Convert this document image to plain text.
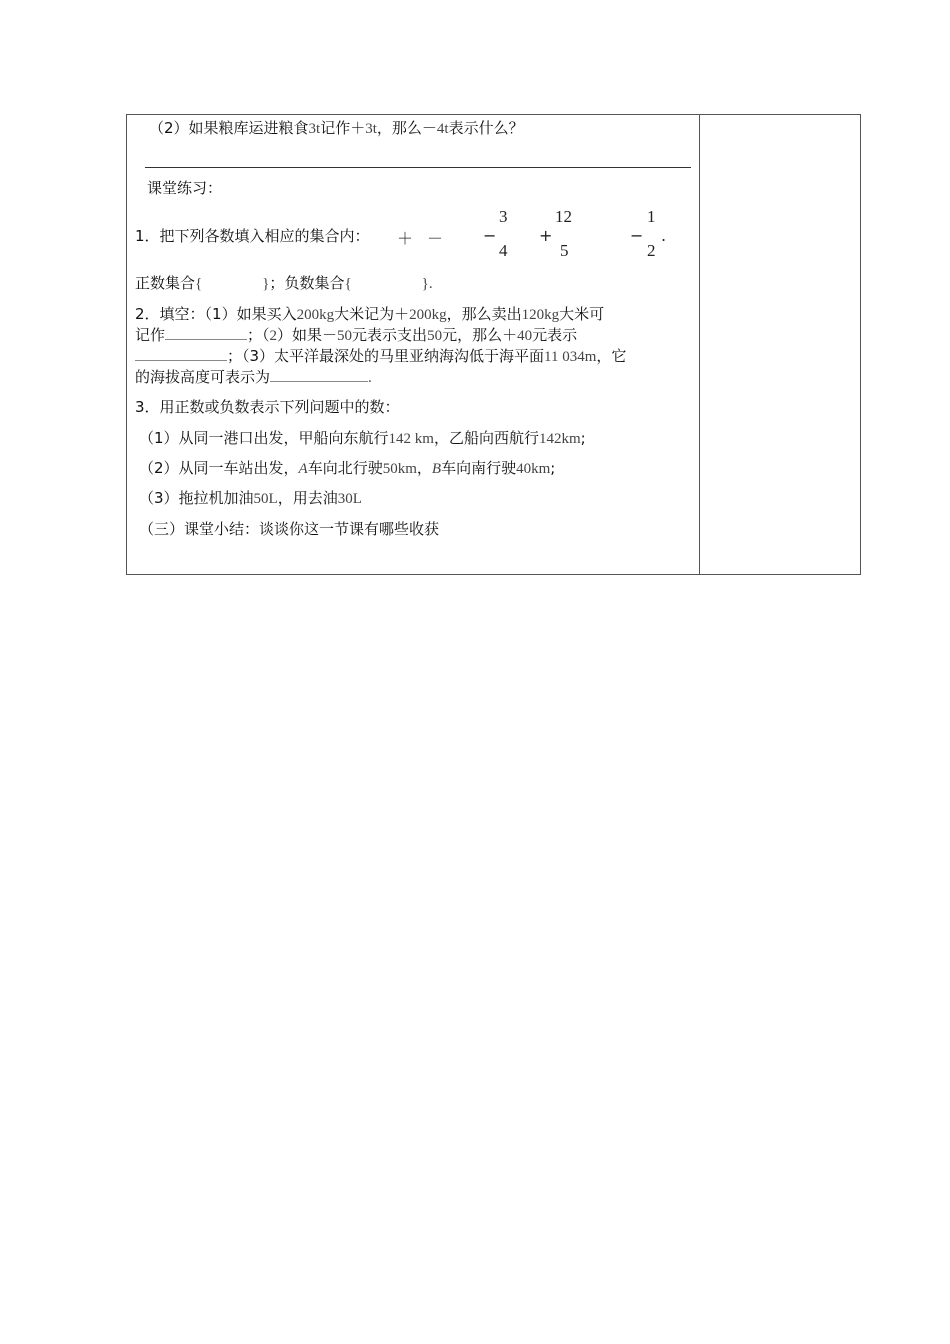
（2）如果粮库运进粮食3t记作＋3t，那么－4t表示什么？
课堂练习：
1．把下列各数填入相应的集合内： ＋ － −
3
4
+
12
5
−
1
2
.
正数集合{	}；负数集合{	}.
2．填空：（1）如果买入200kg大米记为＋200kg，那么卖出120kg大米可
记作	；（2）如果－50元表示支出50元，那么＋40元表示
；（3）太平洋最深处的马里亚纳海沟低于海平面11 034m，它
的海拔高度可表示为	.
3．用正数或负数表示下列问题中的数：
（1）从同一港口出发，甲船向东航行142 km，乙船向西航行142km;
（2）从同一车站出发，A车向北行驶50km，B车向南行驶40km;
（3）拖拉机加油50L，用去油30L
（三）课堂小结：谈谈你这一节课有哪些收获
